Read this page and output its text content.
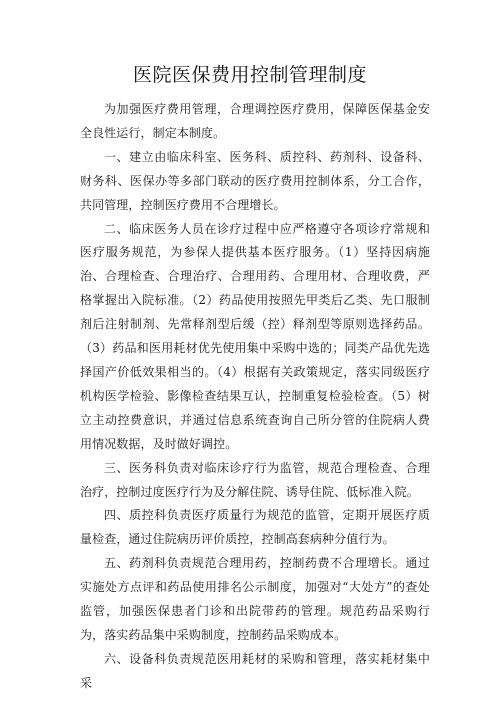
医院医保费用控制管理制度

为加强医疗费用管理，合理调控医疗费用，保障医保基金安全良性运行，制定本制度。

一、建立由临床科室、医务科、质控科、药剂科、设备科、财务科、医保办等多部门联动的医疗费用控制体系，分工合作，共同管理，控制医疗费用不合理增长。

二、临床医务人员在诊疗过程中应严格遵守各项诊疗常规和医疗服务规范，为参保人提供基本医疗服务。（1）坚持因病施治、合理检查、合理治疗、合理用药、合理用材、合理收费，严格掌握出入院标准。（2）药品使用按照先甲类后乙类、先口服制剂后注射制剂、先常释剂型后缓（控）释剂型等原则选择药品。（3）药品和医用耗材优先使用集中采购中选的；同类产品优先选择国产价低效果相当的。（4）根据有关政策规定，落实同级医疗机构医学检验、影像检查结果互认，控制重复检验检查。（5）树立主动控费意识，并通过信息系统查询自己所分管的住院病人费用情况数据，及时做好调控。

三、医务科负责对临床诊疗行为监管，规范合理检查、合理治疗，控制过度医疗行为及分解住院、诱导住院、低标准入院。

四、质控科负责医疗质量行为规范的监管，定期开展医疗质量检查，通过住院病历评价质控，控制高套病种分值行为。

五、药剂科负责规范合理用药，控制药费不合理增长。通过实施处方点评和药品使用排名公示制度，加强对“大处方”的查处监管，加强医保患者门诊和出院带药的管理。规范药品采购行为，落实药品集中采购制度，控制药品采购成本。

六、设备科负责规范医用耗材的采购和管理，落实耗材集中采
